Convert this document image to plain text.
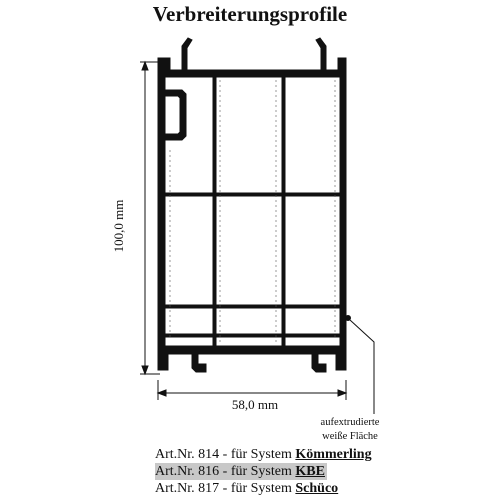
Verbreiterungsprofile
100,0 mm
58,0 mm
aufextrudierte
weiße Fläche
Art.Nr. 814 - für System Kömmerling
Art.Nr. 816 - für System KBE
Art.Nr. 817 - für System Schüco
